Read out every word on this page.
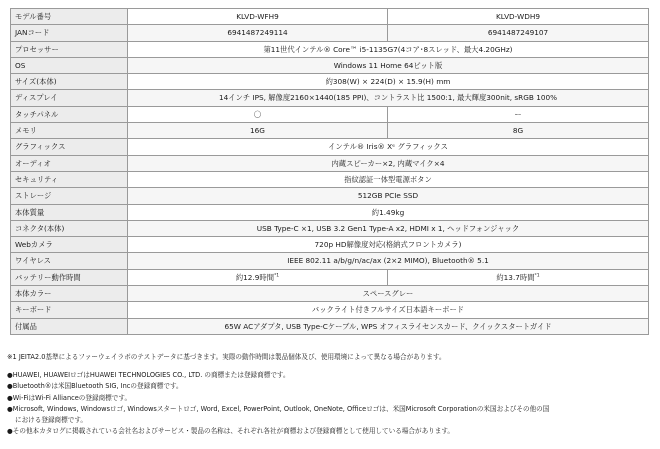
モデル番号	KLVD-WFH9	KLVD-WDH9
JANコード	6941487249114	6941487249107
プロセッサー	第11世代インテル® Core™ i5-1135G7(4コア･8スレッド、最大4.20GHz)	
OS	Windows 11 Home 64ビット版	
サイズ(本体)	約308(W) × 224(D) × 15.9(H) mm	
ディスプレイ	14インチ IPS, 解像度2160×1440(185 PPI)、コントラスト比 1500:1, 最大輝度300nit, sRGB 100%	
タッチパネル	〇	ー
メモリ	16G	8G
グラフィックス	インテル® Iris® Xᵉ グラフィックス	
オーディオ	内蔵スピーカー×2, 内蔵マイク×4	
セキュリティ	指紋認証一体型電源ボタン	
ストレージ	512GB PCIe SSD	
本体質量	約1.49kg	
コネクタ(本体)	USB Type-C ×1, USB 3.2 Gen1 Type-A x2, HDMI x 1, ヘッドフォンジャック	
Webカメラ	720p HD解像度対応(格納式フロントカメラ)	
ワイヤレス	IEEE 802.11 a/b/g/n/ac/ax (2×2 MIMO), Bluetooth® 5.1	
バッテリー動作時間	約12.9時間$^{*1}$	約13.7時間$^{*1}$
本体カラー	スペースグレー	
キーボード	バックライト付きフルサイズ日本語キーボード	
付属品	65W ACアダプタ, USB Type-Cケーブル, WPS オフィスライセンスカード、クイックスタートガイド	
※1 JEITA2.0基準によるファーウェイラボのテストデータに基づきます。実際の動作時間は製品個体及び、使用環境によって異なる場合があります。
●HUAWEI, HUAWEIロゴはHUAWEI TECHNOLOGIES CO., LTD. の商標または登録商標です。
●Bluetooth®は米国Bluetooth SIG, Incの登録商標です。
●Wi-FiはWi-Fi Allianceの登録商標です。
●Microsoft, Windows, Windowsロゴ, Windowsスタートロゴ, Word, Excel, PowerPoint, Outlook, OneNote, Officeロゴは、米国Microsoft Corporationの米国およびその他の国
における登録商標です。
●その他本カタログに掲載されている会社名およびサービス・製品の名称は、それぞれ各社が商標および登録商標として使用している場合があります。
